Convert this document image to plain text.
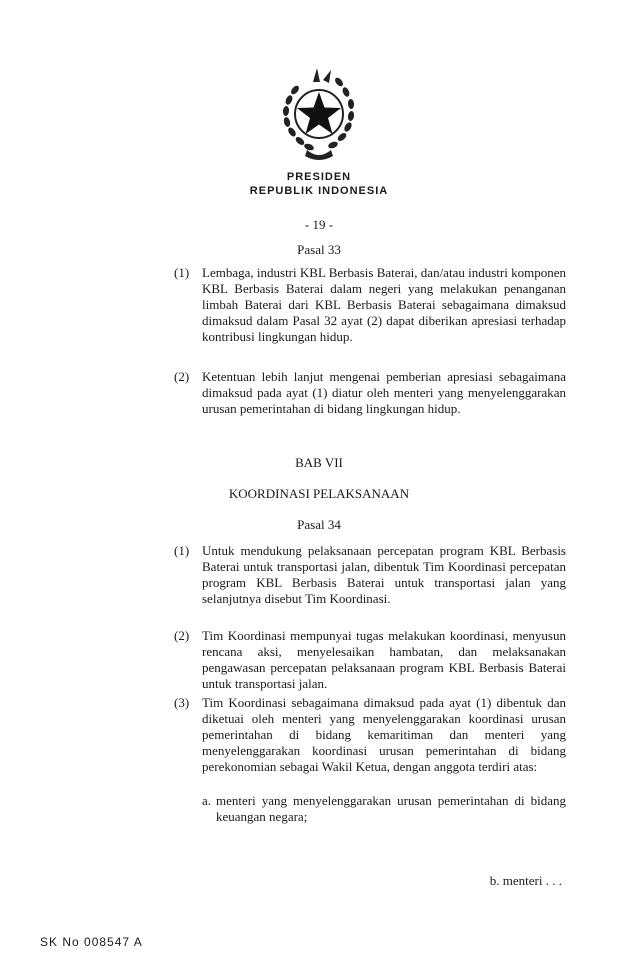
PRESIDEN
REPUBLIK INDONESIA
- 19 -
Pasal 33
(1) Lembaga, industri KBL Berbasis Baterai, dan/atau industri komponen KBL Berbasis Baterai dalam negeri yang melakukan penanganan limbah Baterai dari KBL Berbasis Baterai sebagaimana dimaksud dimaksud dalam Pasal 32 ayat (2) dapat diberikan apresiasi terhadap kontribusi lingkungan hidup.
(2) Ketentuan lebih lanjut mengenai pemberian apresiasi sebagaimana dimaksud pada ayat (1) diatur oleh menteri yang menyelenggarakan urusan pemerintahan di bidang lingkungan hidup.
BAB VII
KOORDINASI PELAKSANAAN
Pasal 34
(1) Untuk mendukung pelaksanaan percepatan program KBL Berbasis Baterai untuk transportasi jalan, dibentuk Tim Koordinasi percepatan program KBL Berbasis Baterai untuk transportasi jalan yang selanjutnya disebut Tim Koordinasi.
(2) Tim Koordinasi mempunyai tugas melakukan koordinasi, menyusun rencana aksi, menyelesaikan hambatan, dan melaksanakan pengawasan percepatan pelaksanaan program KBL Berbasis Baterai untuk transportasi jalan.
(3) Tim Koordinasi sebagaimana dimaksud pada ayat (1) dibentuk dan diketuai oleh menteri yang menyelenggarakan koordinasi urusan pemerintahan di bidang kemaritiman dan menteri yang menyelenggarakan koordinasi urusan pemerintahan di bidang perekonomian sebagai Wakil Ketua, dengan anggota terdiri atas:
a. menteri yang menyelenggarakan urusan pemerintahan di bidang keuangan negara;
b. menteri . . .
SK No 008547 A
